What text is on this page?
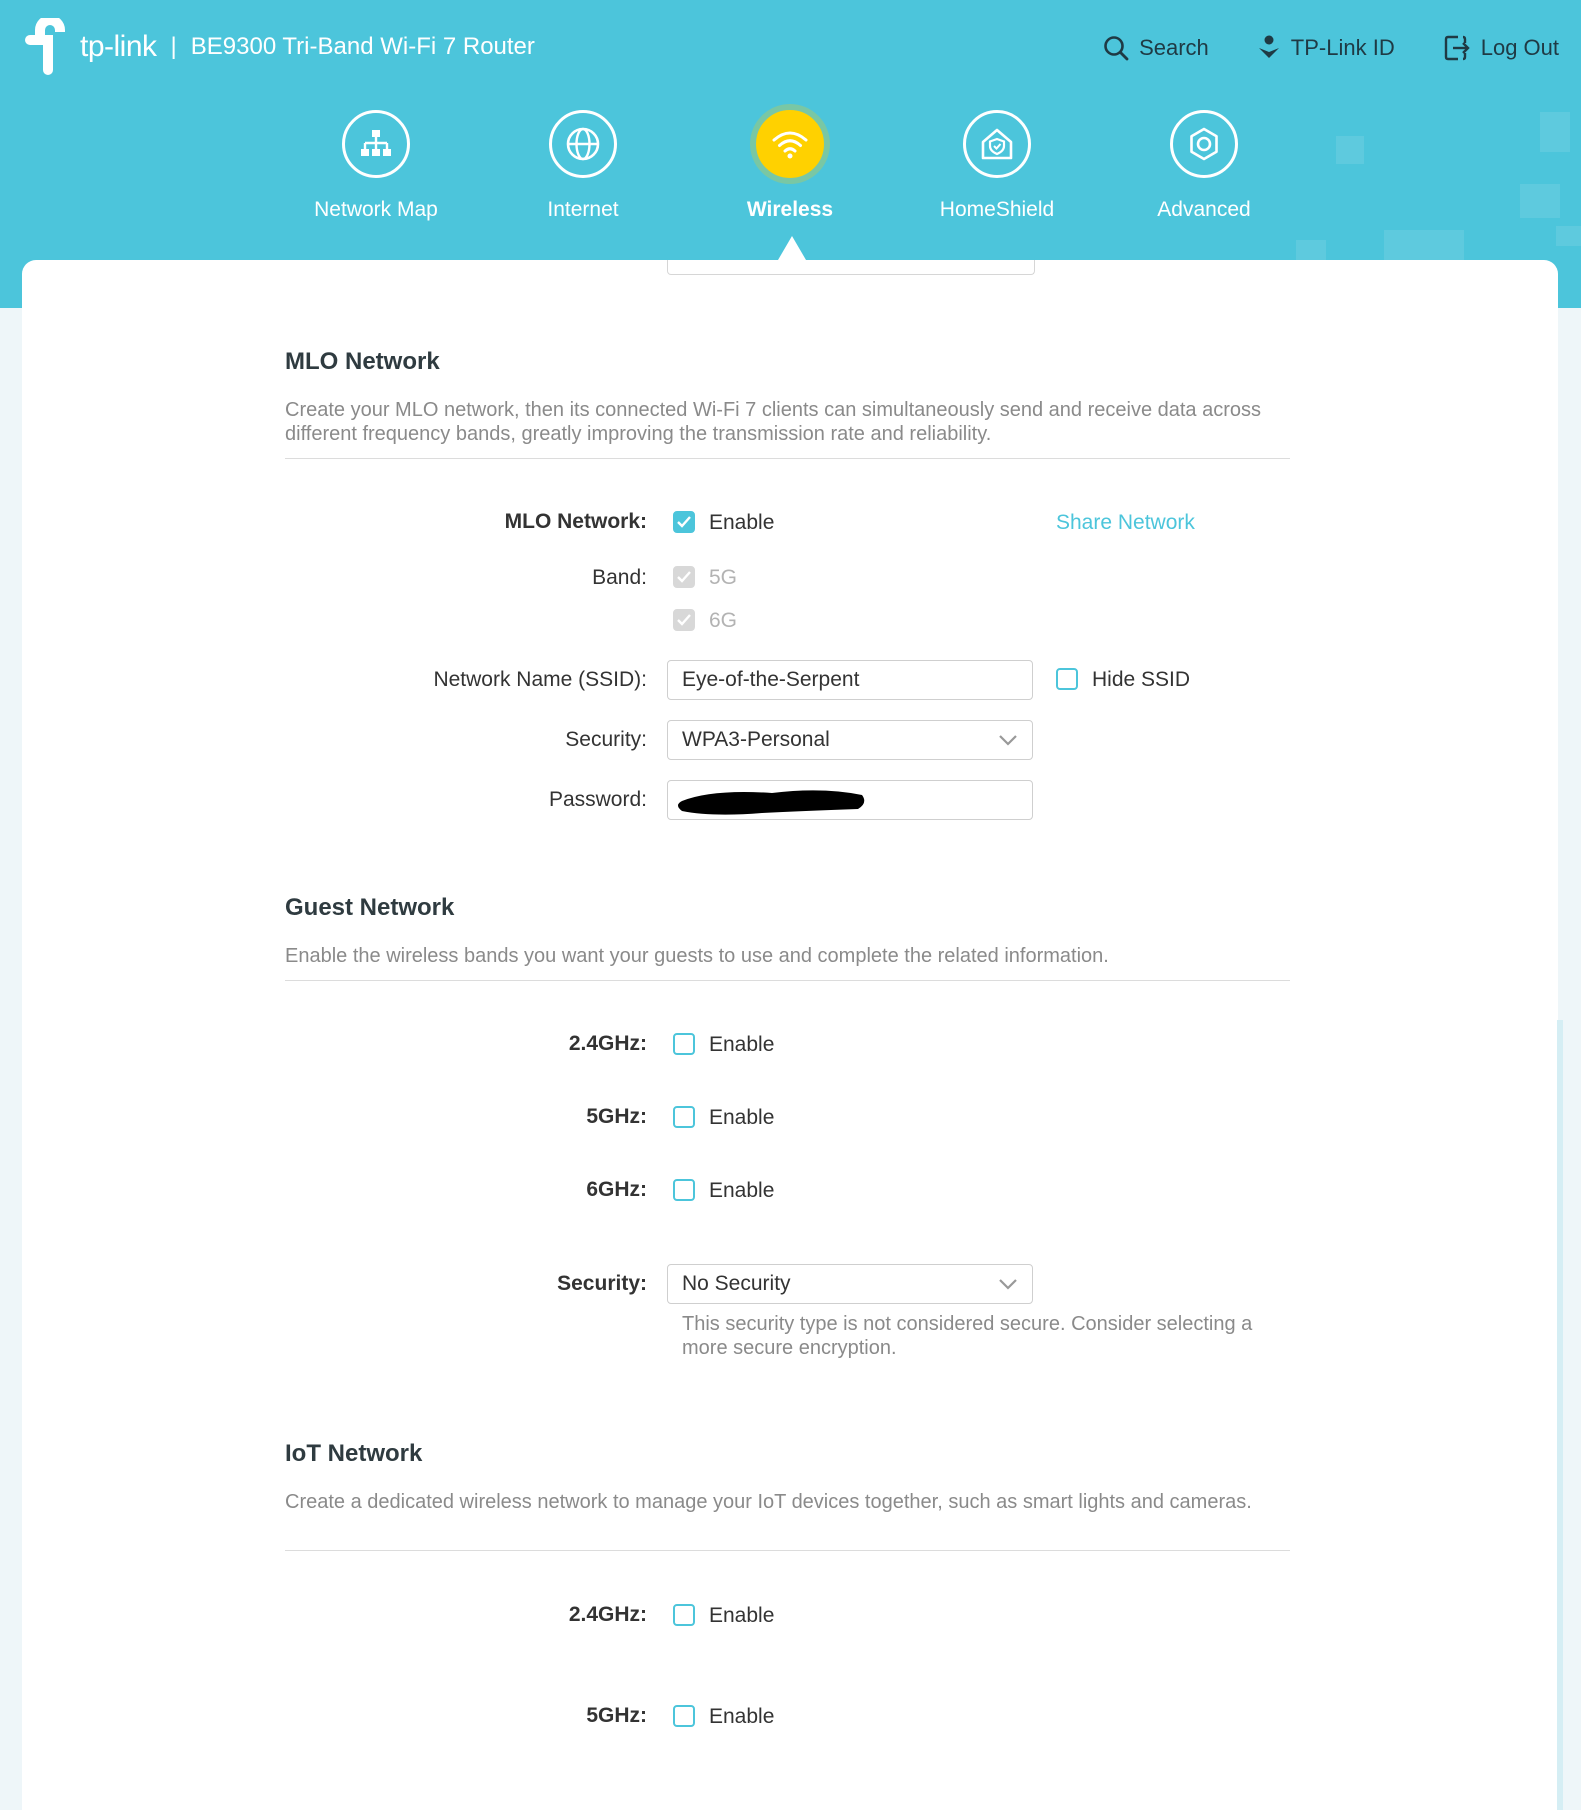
tp-link | BE9300 Tri-Band Wi-Fi 7 Router	Search	TP-Link ID	Log Out
Network Map	Internet	Wireless	HomeShield	Advanced
MLO Network
Create your MLO network, then its connected Wi-Fi 7 clients can simultaneously send and receive data across different frequency bands, greatly improving the transmission rate and reliability.
MLO Network:	Enable	Share Network
Band:	5G
6G
Network Name (SSID):	Eye-of-the-Serpent	Hide SSID
Security:	WPA3-Personal
Password:
Guest Network
Enable the wireless bands you want your guests to use and complete the related information.
2.4GHz:	Enable
5GHz:	Enable
6GHz:	Enable
Security:	No Security
This security type is not considered secure. Consider selecting a more secure encryption.
IoT Network
Create a dedicated wireless network to manage your IoT devices together, such as smart lights and cameras.
2.4GHz:	Enable
5GHz:	Enable
